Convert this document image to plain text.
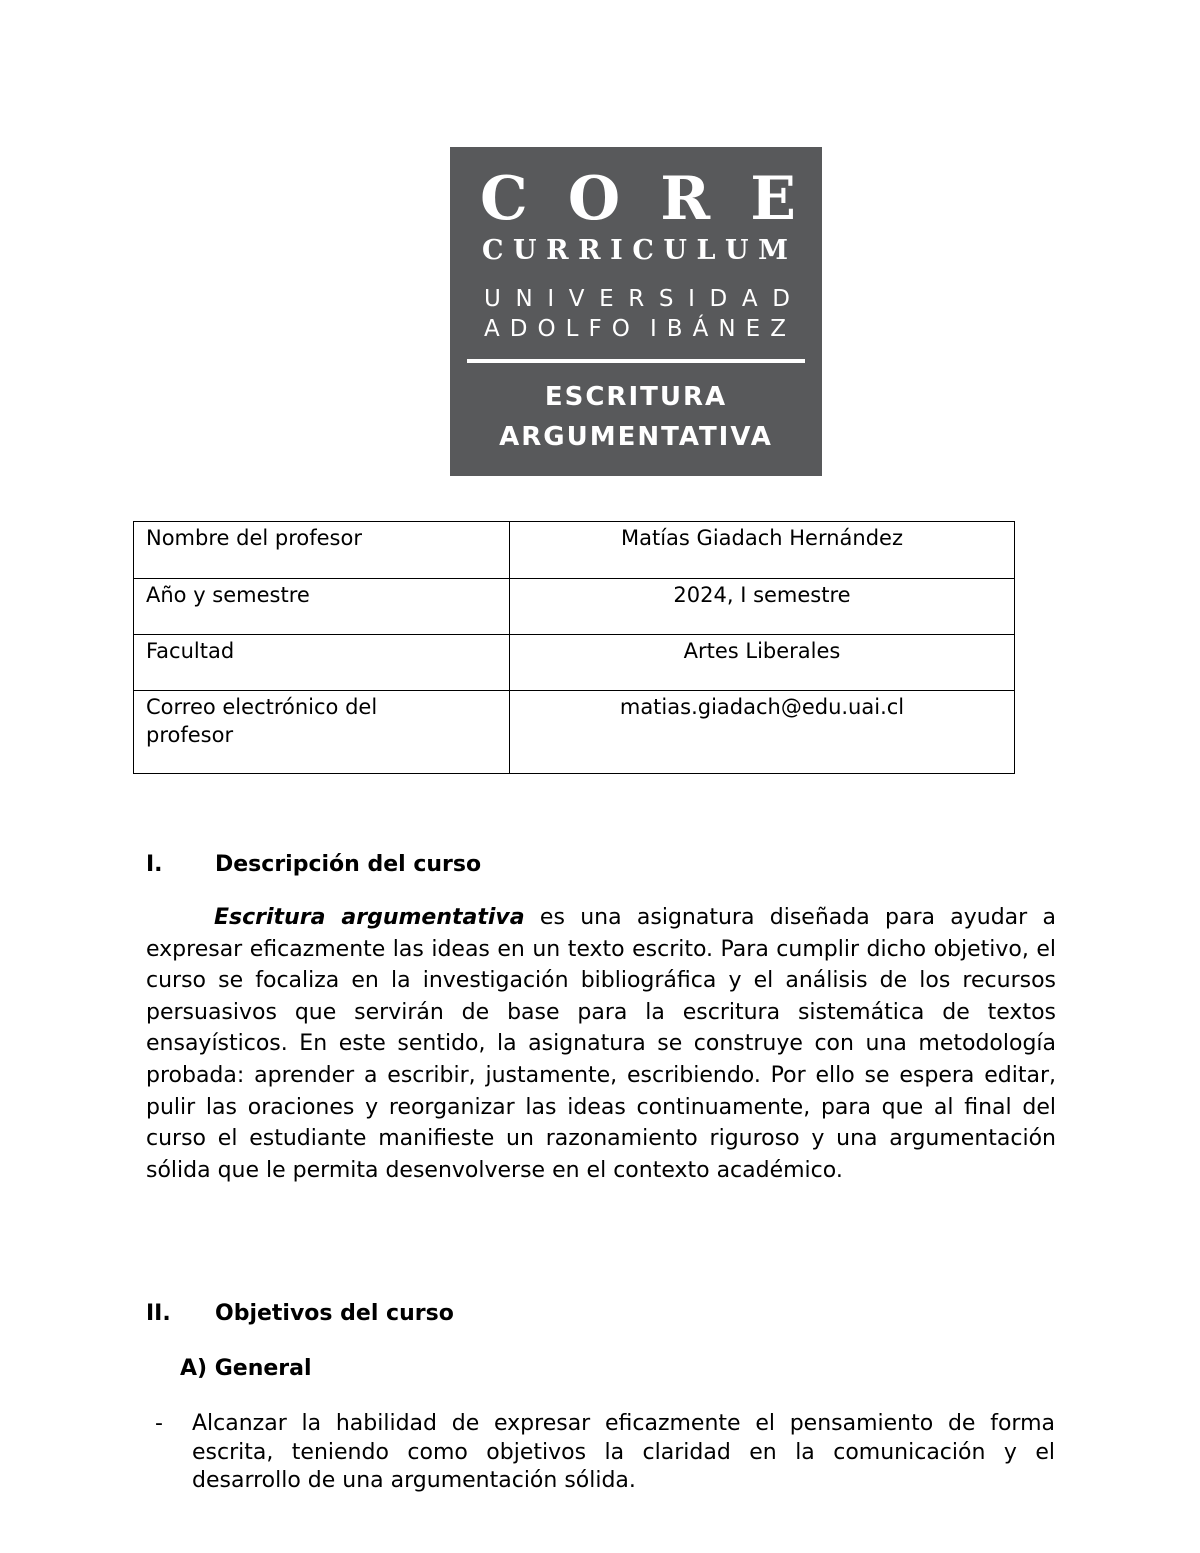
C O R E
C U R R I C U L U M
U N I V E R S I D A D
A D O L F O I B Á N E Z
ESCRITURA
ARGUMENTATIVA
Nombre del profesor	Matías Giadach Hernández
Año y semestre	2024, I semestre
Facultad	Artes Liberales
Correo electrónico del profesor	matias.giadach@edu.uai.cl
I. Descripción del curso
Escritura argumentativa es una asignatura diseñada para ayudar a expresar eficazmente las ideas en un texto escrito. Para cumplir dicho objetivo, el curso se focaliza en la investigación bibliográfica y el análisis de los recursos persuasivos que servirán de base para la escritura sistemática de textos ensayísticos. En este sentido, la asignatura se construye con una metodología probada: aprender a escribir, justamente, escribiendo. Por ello se espera editar, pulir las oraciones y reorganizar las ideas continuamente, para que al final del curso el estudiante manifieste un razonamiento riguroso y una argumentación sólida que le permita desenvolverse en el contexto académico.
II. Objetivos del curso
A) General
- Alcanzar la habilidad de expresar eficazmente el pensamiento de forma escrita, teniendo como objetivos la claridad en la comunicación y el desarrollo de una argumentación sólida.
